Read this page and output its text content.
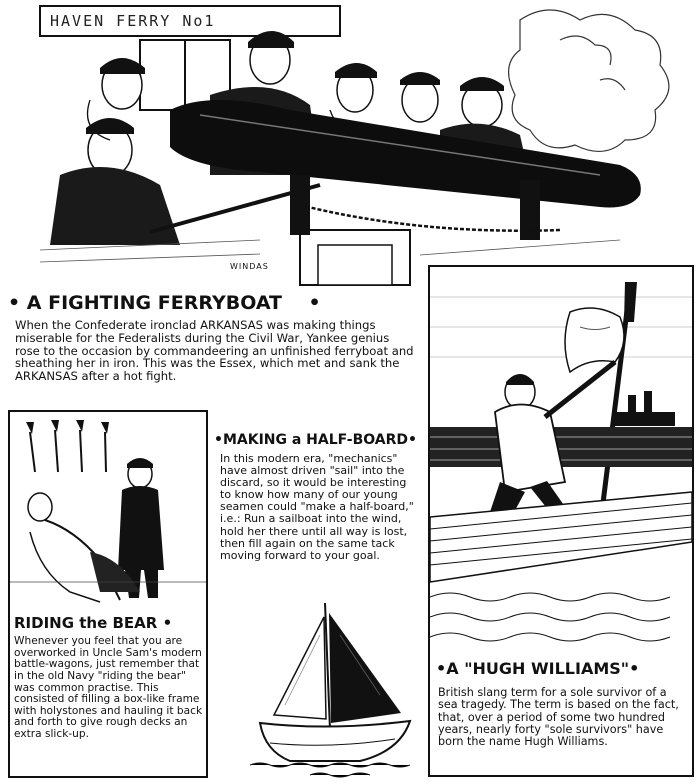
HAVEN FERRY No1
WINDAS
• A FIGHTING FERRYBOAT    •
When the Confederate ironclad ARKANSAS was making things miserable for the Federalists during the Civil War, Yankee genius rose to the occasion by commandeering an unfinished ferryboat and sheathing her in iron. This was the Essex, which met and sank the ARKANSAS after a hot fight.
RIDING the BEAR •
Whenever you feel that you are overworked in Uncle Sam's modern battle-wagons, just remember that in the old Navy "riding the bear" was common practise. This consisted of filling a box-like frame with holystones and hauling it back and forth to give rough decks an extra slick-up.
•MAKING a HALF-BOARD•
In this modern era, "mechanics" have almost driven "sail" into the discard, so it would be interesting to know how many of our young seamen could "make a half-board," i.e.: Run a sailboat into the wind, hold her there until all way is lost, then fill again on the same tack moving forward to your goal.
•A "HUGH WILLIAMS"•
British slang term for a sole survivor of a sea tragedy. The term is based on the fact, that, over a period of some two hundred years, nearly forty "sole survivors" have born the name Hugh Williams.
